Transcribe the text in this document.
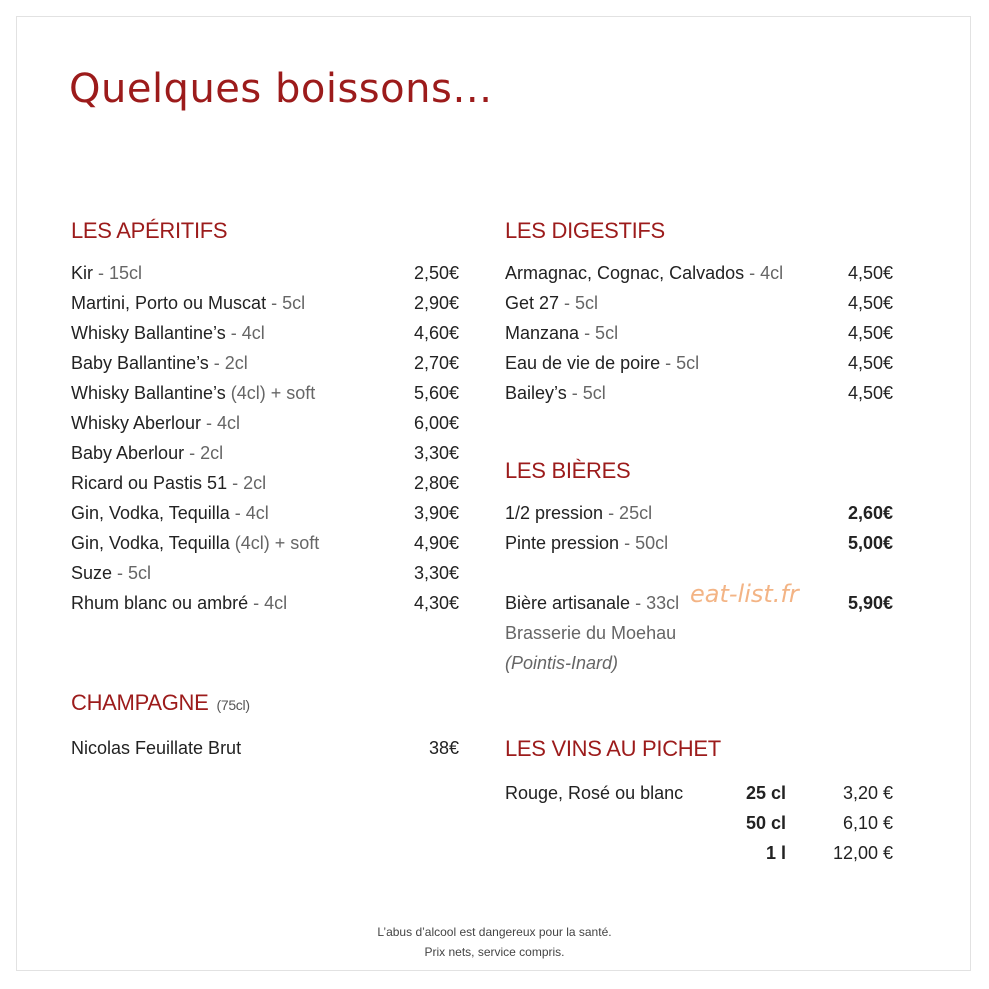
Quelques boissons…
LES APÉRITIFS
Kir - 15cl	2,50€
Martini, Porto ou Muscat - 5cl	2,90€
Whisky Ballantine’s - 4cl	4,60€
Baby Ballantine’s - 2cl	2,70€
Whisky Ballantine’s (4cl) + soft	5,60€
Whisky Aberlour - 4cl	6,00€
Baby Aberlour - 2cl	3,30€
Ricard ou Pastis 51 - 2cl	2,80€
Gin, Vodka, Tequilla - 4cl	3,90€
Gin, Vodka, Tequilla (4cl) + soft	4,90€
Suze - 5cl	3,30€
Rhum blanc ou ambré - 4cl	4,30€
CHAMPAGNE (75cl)
Nicolas Feuillate Brut	38€
LES DIGESTIFS
Armagnac, Cognac, Calvados - 4cl	4,50€
Get 27 - 5cl	4,50€
Manzana - 5cl	4,50€
Eau de vie de poire - 5cl	4,50€
Bailey’s - 5cl	4,50€
LES BIÈRES
1/2 pression - 25cl	2,60€
Pinte pression - 50cl	5,00€
Bière artisanale - 33cl	5,90€
Brasserie du Moehau
(Pointis-Inard)
LES VINS AU PICHET
Rouge, Rosé ou blanc	25 cl	3,20 €
50 cl	6,10 €
1 l	12,00 €
eat-list.fr
L’abus d’alcool est dangereux pour la santé.
Prix nets, service compris.
